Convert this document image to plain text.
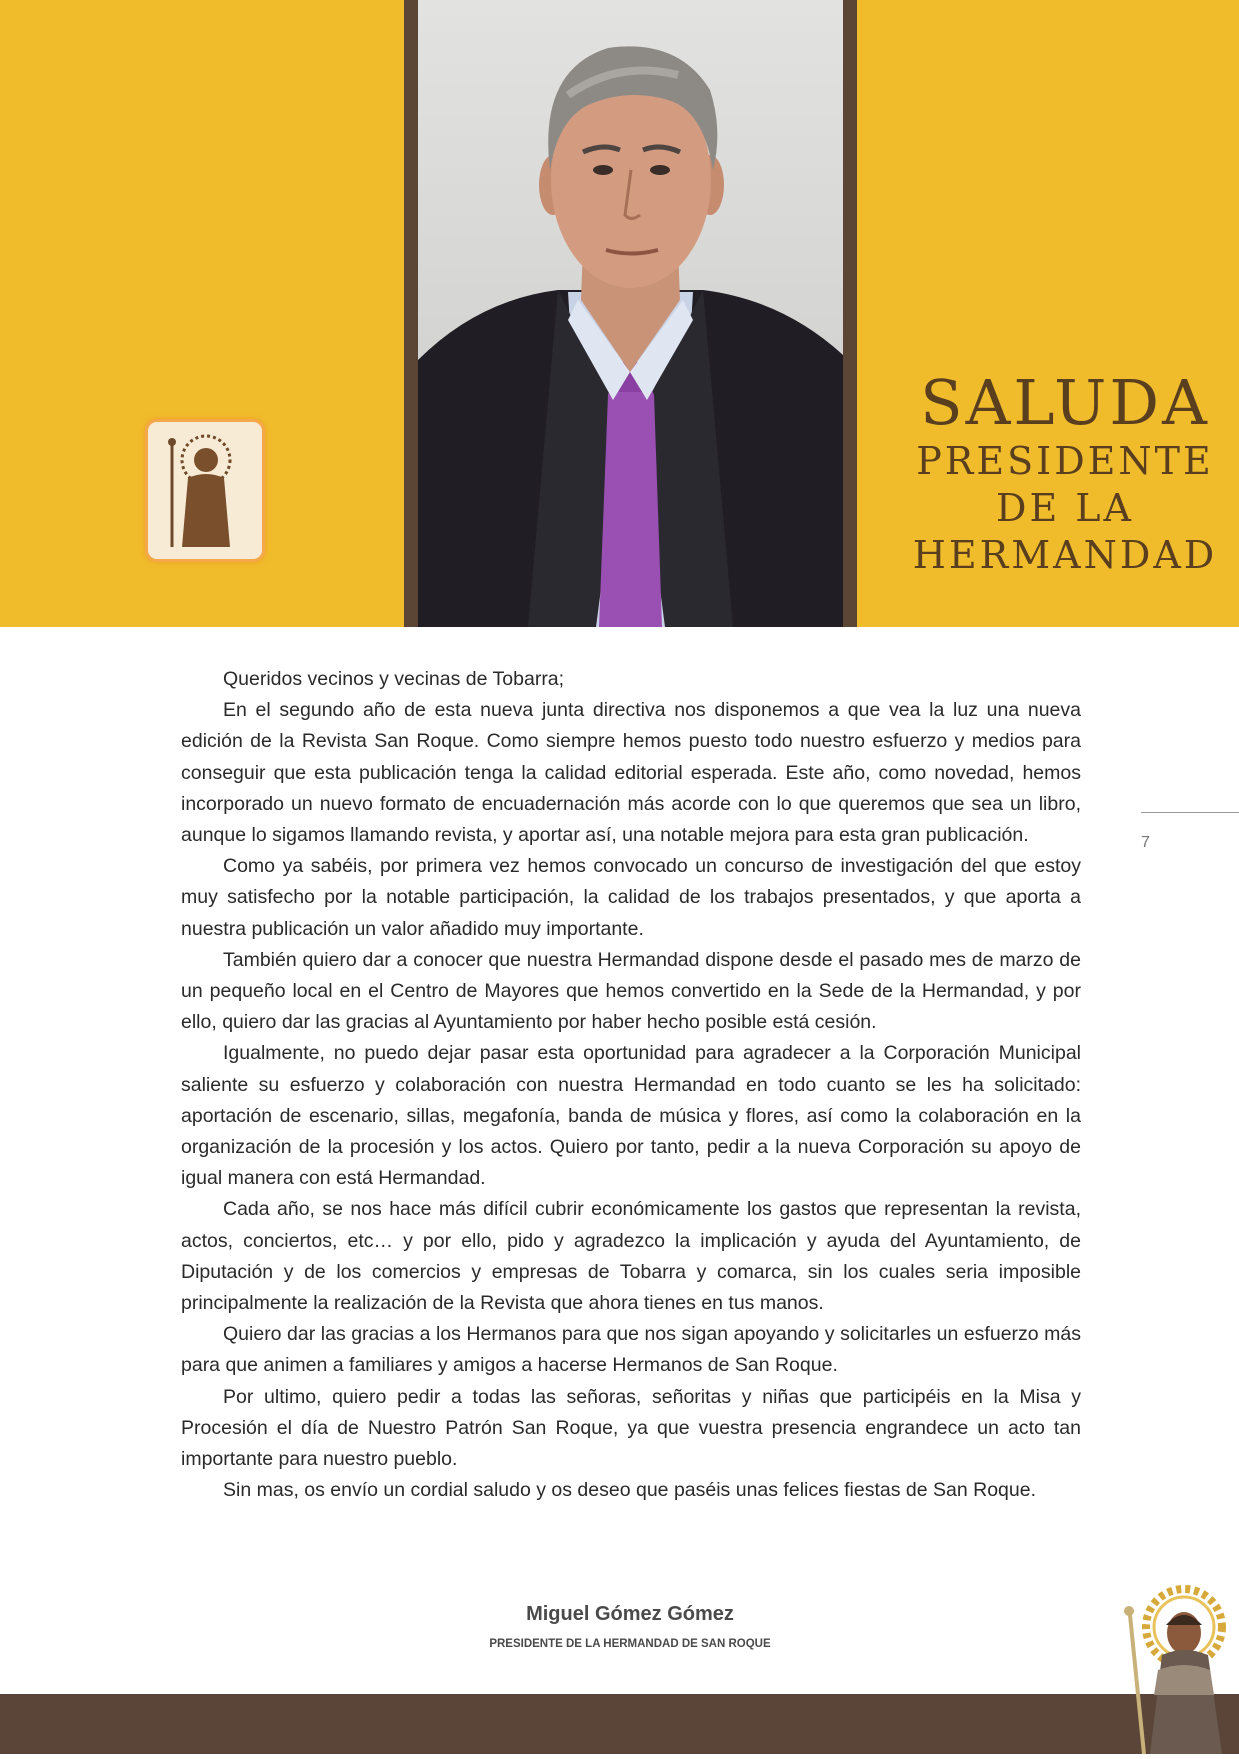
SALUDA
PRESIDENTE
DE LA
HERMANDAD
7

Queridos vecinos y vecinas de Tobarra;

En el segundo año de esta nueva junta directiva nos disponemos a que vea la luz una nueva edición de la Revista San Roque. Como siempre hemos puesto todo nuestro esfuerzo y medios para conseguir que esta publicación tenga la calidad editorial esperada. Este año, como novedad, hemos incorporado un nuevo formato de encuadernación más acorde con lo que queremos que sea un libro, aunque lo sigamos llamando revista, y aportar así, una notable mejora para esta gran publicación.

Como ya sabéis, por primera vez hemos convocado un concurso de investigación del que estoy muy satisfecho por la notable participación, la calidad de los trabajos presentados, y que aporta a nuestra publicación un valor añadido muy importante.

También quiero dar a conocer que nuestra Hermandad dispone desde el pasado mes de marzo de un pequeño local en el Centro de Mayores que hemos convertido en la Sede de la Hermandad, y por ello, quiero dar las gracias al Ayuntamiento por haber hecho posible está cesión.

Igualmente, no puedo dejar pasar esta oportunidad para agradecer a la Corporación Municipal saliente su esfuerzo y colaboración con nuestra Hermandad en todo cuanto se les ha solicitado: aportación de escenario, sillas, megafonía, banda de música y flores, así como la colaboración en la organización de la procesión y los actos. Quiero por tanto, pedir a la nueva Corporación su apoyo de igual manera con está Hermandad.

Cada año, se nos hace más difícil cubrir económicamente los gastos que representan la revista, actos, conciertos, etc… y por ello, pido y agradezco la implicación y ayuda del Ayuntamiento, de Diputación y de los comercios y empresas de Tobarra y comarca, sin los cuales seria imposible principalmente la realización de la Revista que ahora tienes en tus manos.

Quiero dar las gracias a los Hermanos para que nos sigan apoyando y solicitarles un esfuerzo más para que animen a familiares y amigos a hacerse Hermanos de San Roque.

Por ultimo, quiero pedir a todas las señoras, señoritas y niñas que participéis en la Misa y Procesión el día de Nuestro Patrón San Roque, ya que vuestra presencia engrandece un acto tan importante para nuestro pueblo.

Sin mas, os envío un cordial saludo y os deseo que paséis unas felices fiestas de San Roque.

Miguel Gómez Gómez
PRESIDENTE DE LA HERMANDAD DE SAN ROQUE
